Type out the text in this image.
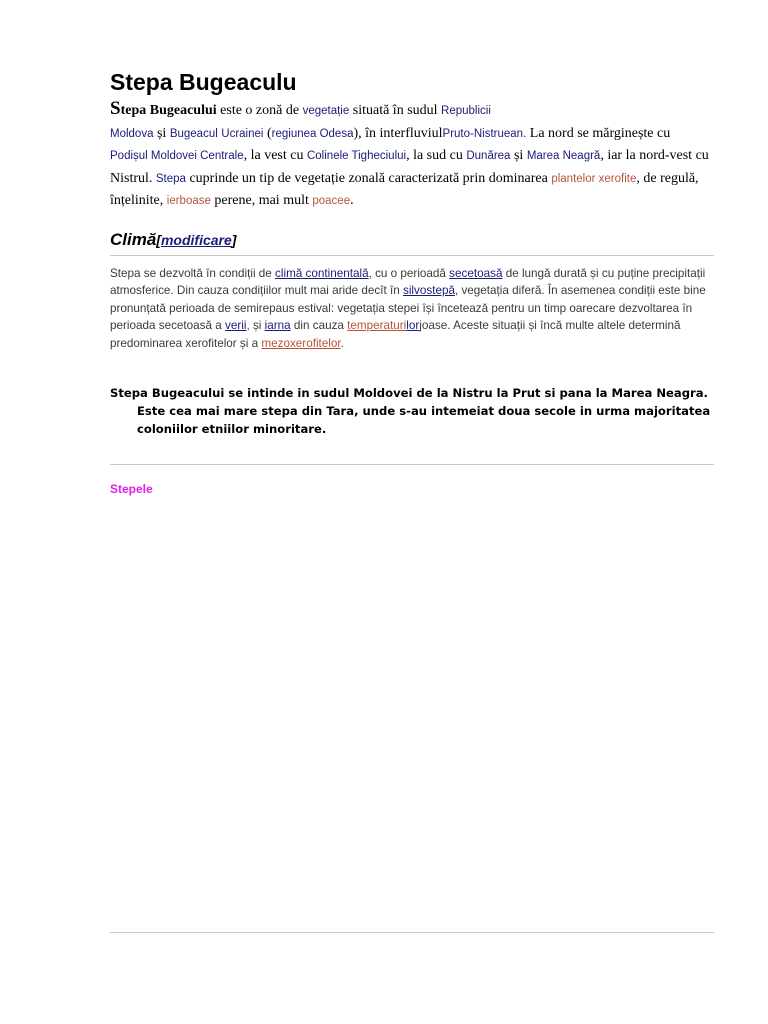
Stepa Bugeaculu

Stepa Bugeacului este o zonă de vegetație situată în sudul Republicii
Moldova și Bugeacul Ucrainei (regiunea Odesa), în interfluviulPruto-Nistruean. La nord se mărginește cu Podișul Moldovei Centrale, la vest cu Colinele Tigheciului, la sud cu Dunărea și Marea Neagră, iar la nord-vest cu Nistrul. Stepa cuprinde un tip de vegetație zonală caracterizată prin dominarea plantelor xerofite, de regulă, înțelinite, ierboase perene, mai mult poacee.

Climă[modificare]

Stepa se dezvoltă în condiții de climă continentală, cu o perioadă secetoasă de lungă durată și cu puține precipitații atmosferice. Din cauza condițiilor mult mai aride decît în silvostepă, vegetația diferă. În asemenea condiții este bine pronunțată perioada de semirepaus estival: vegetația stepei își încetează pentru un timp oarecare dezvoltarea în perioada secetoasă a verii, și iarna din cauza temperaturilorjoase. Aceste situații și încă multe altele determină predominarea xerofitelor și a mezoxerofitelor.

Stepa Bugeacului se intinde in sudul Moldovei de la Nistru la Prut si pana la Marea Neagra. Este cea mai mare stepa din Tara, unde s-au intemeiat doua secole in urma majoritatea coloniilor etniilor minoritare.

Stepele
